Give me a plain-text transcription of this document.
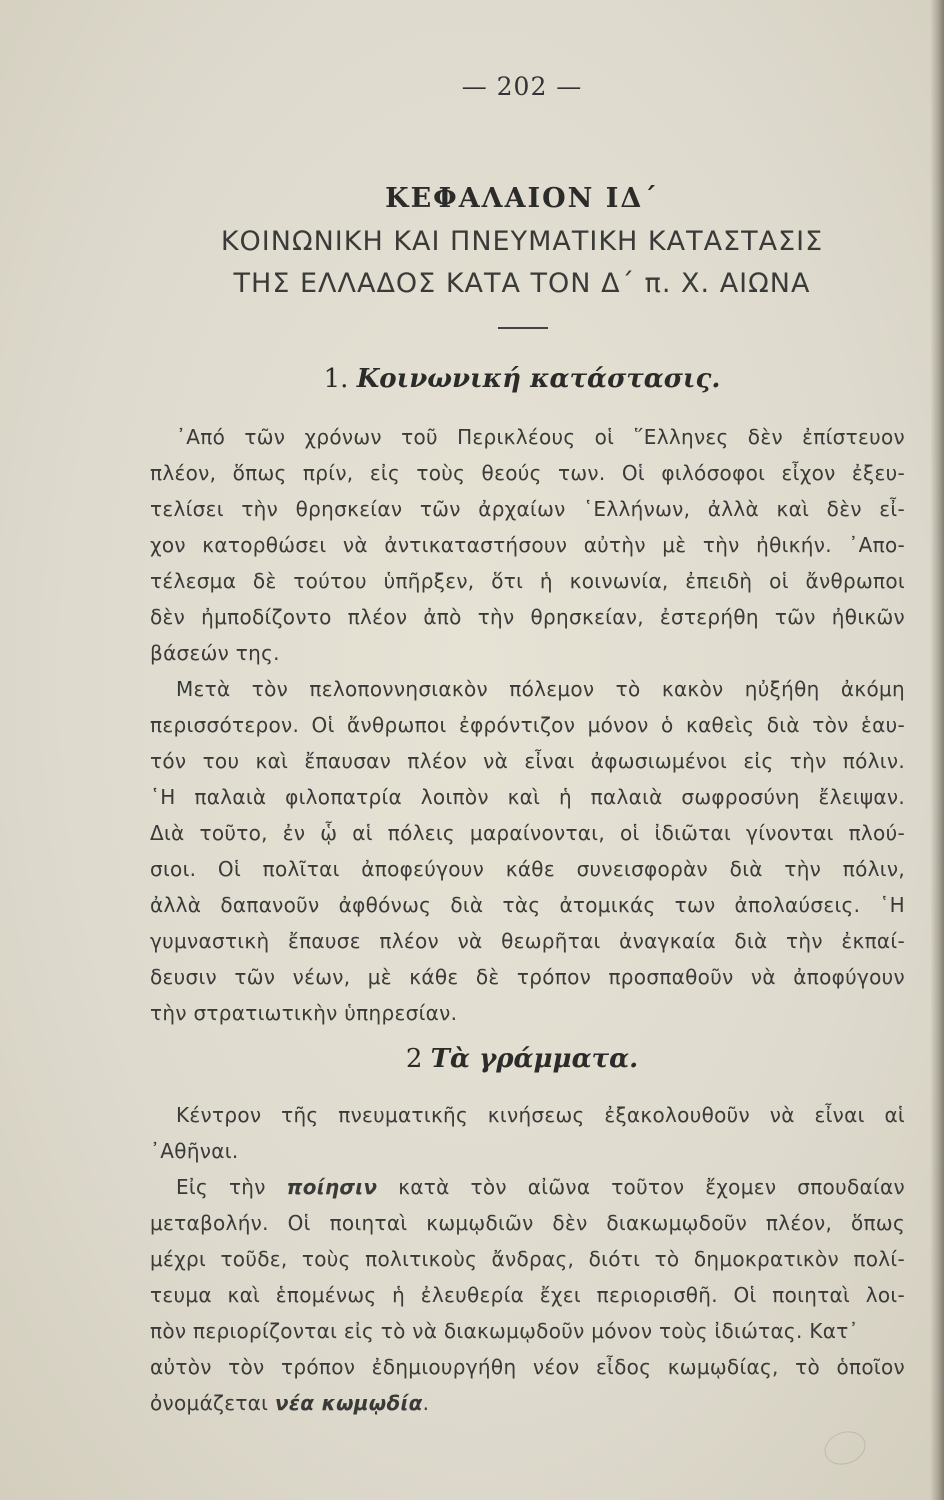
— 202 —
ΚΕΦΑΛΑΙΟΝ ΙΔ΄
ΚΟΙΝΩΝΙΚΗ ΚΑΙ ΠΝΕΥΜΑΤΙΚΗ ΚΑΤΑΣΤΑΣΙΣ
ΤΗΣ ΕΛΛΑΔΟΣ ΚΑΤΑ ΤΟΝ Δ΄ π. Χ. ΑΙΩΝΑ
1. Κοινωνική κατάστασις.
᾿Από τῶν χρόνων τοῦ Περικλέους οἱ ῞Ελληνες δὲν ἐπίστευον
πλέον, ὅπως πρίν, εἰς τοὺς θεούς των. Οἱ φιλόσοφοι εἶχον ἐξευ-
τελίσει τὴν θρησκείαν τῶν ἀρχαίων ῾Ελλήνων, ἀλλὰ καὶ δὲν εἶ-
χον κατορθώσει νὰ ἀντικαταστήσουν αὐτὴν μὲ τὴν ἠθικήν. ᾿Απο-
τέλεσμα δὲ τούτου ὑπῆρξεν, ὅτι ἡ κοινωνία, ἐπειδὴ οἱ ἄνθρωποι
δὲν ἠμποδίζοντο πλέον ἀπὸ τὴν θρησκείαν, ἐστερήθη τῶν ἠθικῶν
βάσεών της.
Μετὰ τὸν πελοποννησιακὸν πόλεμον τὸ κακὸν ηὐξήθη ἀκόμη
περισσότερον. Οἱ ἄνθρωποι ἐφρόντιζον μόνον ὁ καθεὶς διὰ τὸν ἑαυ-
τόν του καὶ ἔπαυσαν πλέον νὰ εἶναι ἀφωσιωμένοι εἰς τὴν πόλιν.
῾Η παλαιὰ φιλοπατρία λοιπὸν καὶ ἡ παλαιὰ σωφροσύνη ἔλειψαν.
Διὰ τοῦτο, ἐν ᾧ αἱ πόλεις μαραίνονται, οἱ ἰδιῶται γίνονται πλού-
σιοι. Οἱ πολῖται ἀποφεύγουν κάθε συνεισφορὰν διὰ τὴν πόλιν,
ἀλλὰ δαπανοῦν ἀφθόνως διὰ τὰς ἀτομικάς των ἀπολαύσεις. ῾Η
γυμναστικὴ ἔπαυσε πλέον νὰ θεωρῆται ἀναγκαία διὰ τὴν ἐκπαί-
δευσιν τῶν νέων, μὲ κάθε δὲ τρόπον προσπαθοῦν νὰ ἀποφύγουν
τὴν στρατιωτικὴν ὑπηρεσίαν.
2 Τὰ γράμματα.
Κέντρον τῆς πνευματικῆς κινήσεως ἐξακολουθοῦν νὰ εἶναι αἱ
᾿Αθῆναι.
Εἰς τὴν ποίησιν κατὰ τὸν αἰῶνα τοῦτον ἔχομεν σπουδαίαν
μεταβολήν. Οἱ ποιηταὶ κωμῳδιῶν δὲν διακωμῳδοῦν πλέον, ὅπως
μέχρι τοῦδε, τοὺς πολιτικοὺς ἄνδρας, διότι τὸ δημοκρατικὸν πολί-
τευμα καὶ ἑπομένως ἡ ἐλευθερία ἔχει περιορισθῆ. Οἱ ποιηταὶ λοι-
πὸν περιορίζονται εἰς τὸ νὰ διακωμῳδοῦν μόνον τοὺς ἰδιώτας. Κατ᾿
αὐτὸν τὸν τρόπον ἐδημιουργήθη νέον εἶδος κωμῳδίας, τὸ ὁποῖον
ὀνομάζεται νέα κωμῳδία.
